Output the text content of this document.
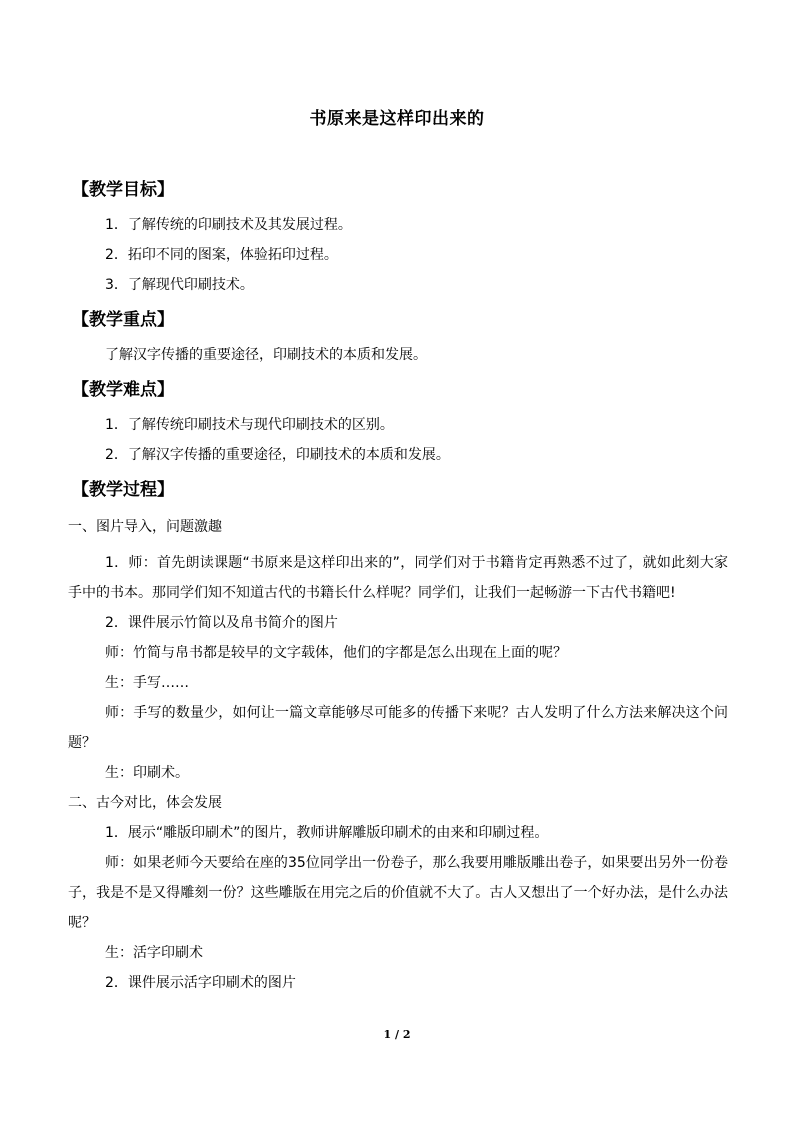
书原来是这样印出来的
【教学目标】
1．了解传统的印刷技术及其发展过程。
2．拓印不同的图案，体验拓印过程。
3．了解现代印刷技术。
【教学重点】
了解汉字传播的重要途径，印刷技术的本质和发展。
【教学难点】
1．了解传统印刷技术与现代印刷技术的区别。
2．了解汉字传播的重要途径，印刷技术的本质和发展。
【教学过程】
一、图片导入，问题激趣

1．师：首先朗读课题“书原来是这样印出来的”，同学们对于书籍肯定再熟悉不过了，就如此刻大家手中的书本。那同学们知不知道古代的书籍长什么样呢？同学们，让我们一起畅游一下古代书籍吧!

2．课件展示竹简以及帛书简介的图片

师：竹简与帛书都是较早的文字载体，他们的字都是怎么出现在上面的呢？

生：手写……

师：手写的数量少，如何让一篇文章能够尽可能多的传播下来呢？古人发明了什么方法来解决这个问题？

生：印刷术。

二、古今对比，体会发展

1．展示“雕版印刷术”的图片，教师讲解雕版印刷术的由来和印刷过程。

师：如果老师今天要给在座的35位同学出一份卷子，那么我要用雕版雕出卷子，如果要出另外一份卷子，我是不是又得雕刻一份？这些雕版在用完之后的价值就不大了。古人又想出了一个好办法，是什么办法呢？

生：活字印刷术

2．课件展示活字印刷术的图片

1 / 2
